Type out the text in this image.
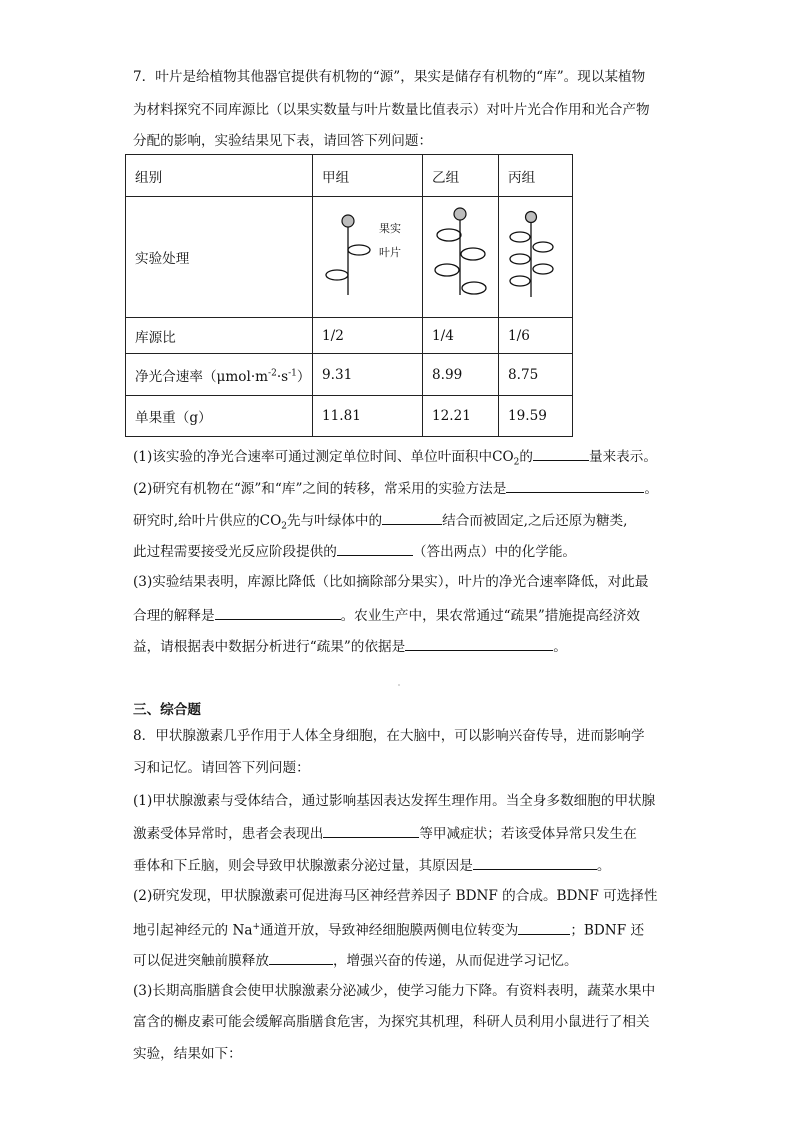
7．叶片是给植物其他器官提供有机物的“源”，果实是储存有机物的“库”。现以某植物
为材料探究不同库源比（以果实数量与叶片数量比值表示）对叶片光合作用和光合产物
分配的影响，实验结果见下表，请回答下列问题：
组别	甲组	乙组	丙组
实验处理	果实
叶片

库源比	1/2	1/4	1/6
净光合速率$(\mu mol\cdot m^{-2}\cdot s^{-1})$	9.31	8.99	8.75
单果重（g）	11.81	12.21	19.59
(1)该实验的净光合速率可通过测定单位时间、单位叶面积中$CO_2$的	量来表示。
(2)研究有机物在“源”和“库”之间的转移，常采用的实验方法是	。
研究时,给叶片供应的$CO_2$先与叶绿体中的	结合而被固定,之后还原为糖类,
此过程需要接受光反应阶段提供的	（答出两点）中的化学能。
(3)实验结果表明，库源比降低（比如摘除部分果实），叶片的净光合速率降低，对此最
合理的解释是	。农业生产中，果农常通过“疏果”措施提高经济效
益，请根据表中数据分析进行“疏果”的依据是	。
三、综合题
8．甲状腺激素几乎作用于人体全身细胞，在大脑中，可以影响兴奋传导，进而影响学
习和记忆。请回答下列问题：
(1)甲状腺激素与受体结合，通过影响基因表达发挥生理作用。当全身多数细胞的甲状腺
激素受体异常时，患者会表现出	等甲减症状；若该受体异常只发生在
垂体和下丘脑，则会导致甲状腺激素分泌过量，其原因是	。
(2)研究发现，甲状腺激素可促进海马区神经营养因子 BDNF 的合成。BDNF 可选择性
地引起神经元的 Na+通道开放，导致神经细胞膜两侧电位转变为	；BDNF 还
可以促进突触前膜释放	，增强兴奋的传递，从而促进学习记忆。
(3)长期高脂膳食会使甲状腺激素分泌减少，使学习能力下降。有资料表明，蔬菜水果中
富含的槲皮素可能会缓解高脂膳食危害，为探究其机理，科研人员利用小鼠进行了相关
实验，结果如下：
